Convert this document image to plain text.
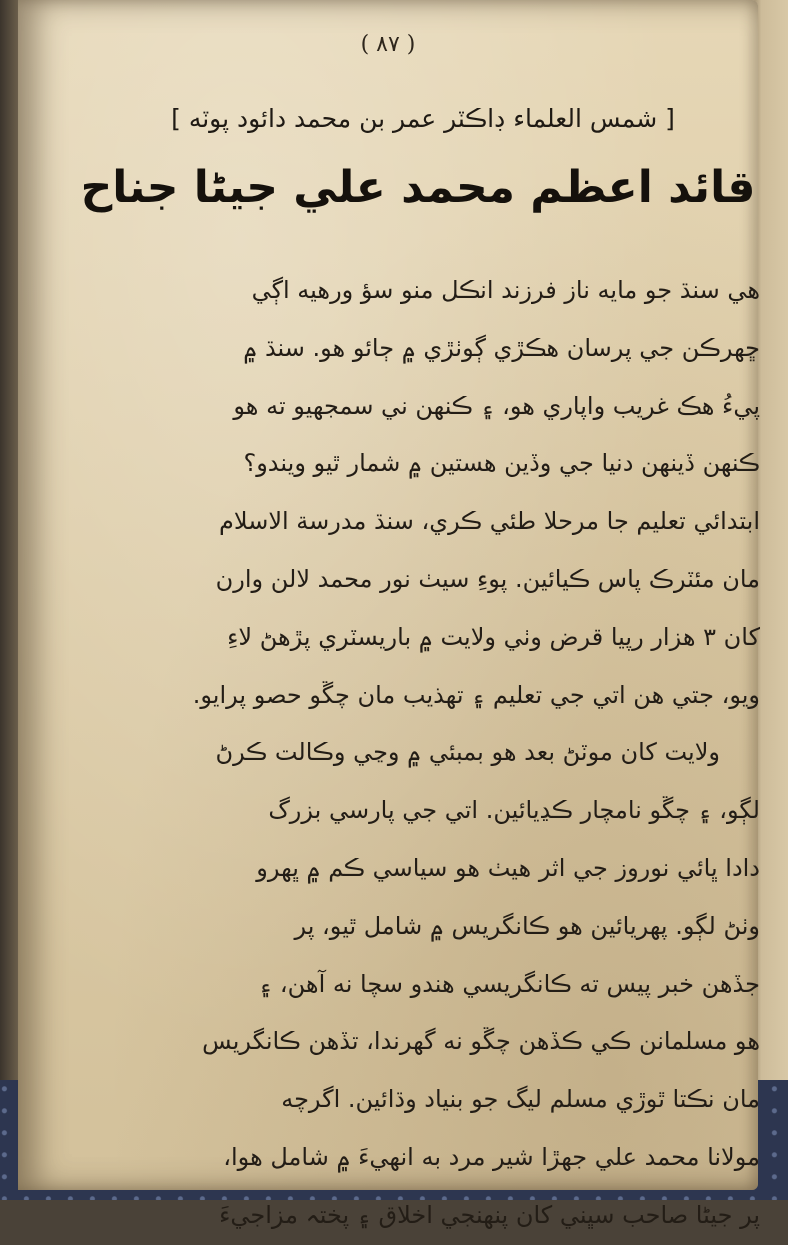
( ٨٧ )
[ شمس العلماء ڊاڪٽر عمر بن محمد دائود پوٽه ]
قائد اعظم محمد علي جيڻا جناح
هي سنڌ جو مايه ناز فرزند انڪل منو سؤ ورهيه اڳي
ڇهرڪن جي پرسان هڪڙي ڳوٺڙي ۾ ڄائو هو. سنڌ ۾
پيءُ هڪ غريب واپاري هو، ۽ ڪنهن ني سمجهيو ته هو
ڪنهن ڏينهن دنيا جي وڏين هستين ۾ شمار ٿيو ويندو؟
ابتدائي تعليم جا مرحلا طئي ڪري، سنڌ مدرسة الاسلام
مان مئٽرڪ پاس ڪيائين. پوءِ سيٺ نور محمد لالن وارن
کان ٣ هزار رپيا قرض وٺي ولايت ۾ باريسٽري پڙهڻ لاءِ
ويو، جتي هن اتي جي تعليم ۽ تهذيب مان چڱو حصو پرايو.
ولايت کان موٽڻ بعد هو بمبئي ۾ وڃي وڪالت ڪرڻ
لڳو، ۽ چڱو نامچار ڪڍيائين. اتي جي پارسي بزرگ
دادا ڀائي نوروز جي اثر هيٺ هو سياسي ڪم ۾ ڀهرو
وٺڻ لڳو. پهريائين هو ڪانگريس ۾ شامل ٿيو، پر
جڏهن خبر پيس ته ڪانگريسي هندو سچا نه آهن، ۽
هو مسلمانن ڪي ڪڏهن چڱو نه گهرندا، تڏهن ڪانگريس
مان نڪتا ٿوڙي مسلم ليگ جو بنياد وڌائين. اگرچه
مولانا محمد علي جهڙا شير مرد به انهيءَ ۾ شامل هوا،
پر جيڻا صاحب سڀني کان پنهنجي اخلاق ۽ پختہ مزاجيءَ
